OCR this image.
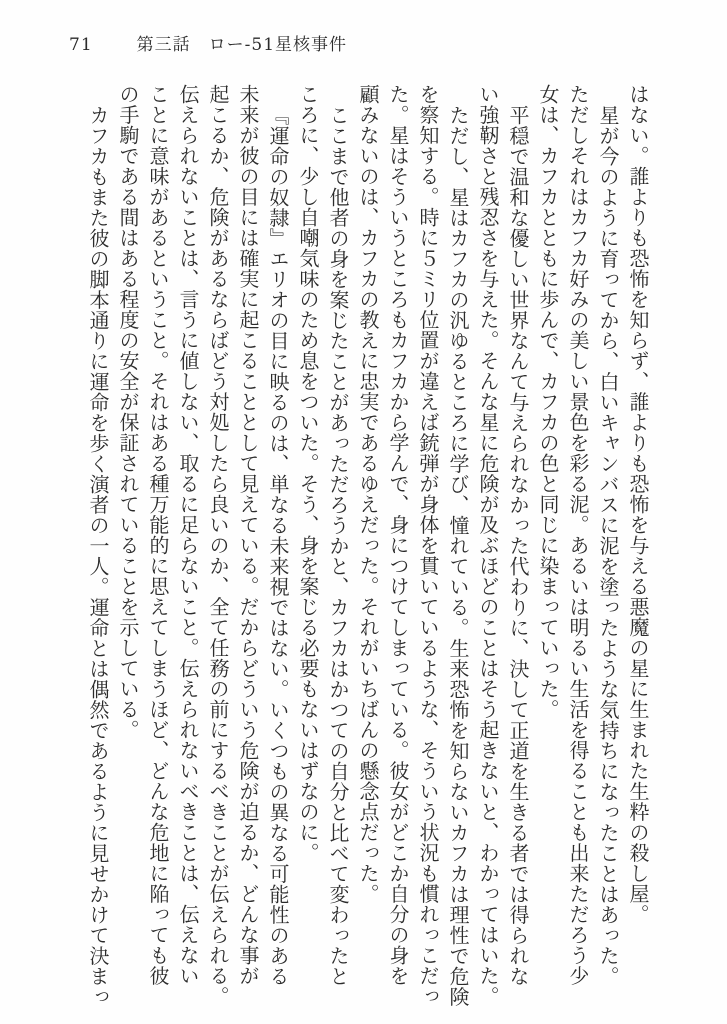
71	第三話　ロー-51星核事件
はない。誰よりも恐怖を知らず、誰よりも恐怖を与える悪魔の星に生まれた生粋の殺し屋。
星が今のように育ってから、白いキャンバスに泥を塗ったような気持ちになったことはあった。
ただしそれはカフカ好みの美しい景色を彩る泥。あるいは明るい生活を得ることも出来ただろう少
女は、カフカとともに歩んで、カフカの色と同じに染まっていった。
平穏で温和な優しい世界なんて与えられなかった代わりに、決して正道を生きる者では得られな
い強靭さと残忍さを与えた。そんな星に危険が及ぶほどのことはそう起きないと、わかってはいた。
ただし、星はカフカの汎ゆるところに学び、憧れている。生来恐怖を知らないカフカは理性で危険
を察知する。時に５ミリ位置が違えば銃弾が身体を貫いているような、そういう状況も慣れっこだっ
た。星はそういうところもカフカから学んで、身につけてしまっている。彼女がどこか自分の身を
顧みないのは、カフカの教えに忠実であるゆえだった。それがいちばんの懸念点だった。
ここまで他者の身を案じたことがあっただろうかと、カフカはかつての自分と比べて変わったと
ころに、少し自嘲気味のため息をついた。そう、身を案じる必要もないはずなのに。
『運命の奴隷』エリオの目に映るのは、単なる未来視ではない。いくつもの異なる可能性のある
未来が彼の目には確実に起こることとして見えている。だからどういう危険が迫るか、どんな事が
起こるか、危険があるならばどう対処したら良いのか、全て任務の前にするべきことが伝えられる。
伝えられないことは、言うに値しない、取るに足らないこと。伝えられないべきことは、伝えない
ことに意味があるということ。それはある種万能的に思えてしまうほど、どんな危地に陥っても彼
の手駒である間はある程度の安全が保証されていることを示している。
カフカもまた彼の脚本通りに運命を歩く演者の一人。運命とは偶然であるように見せかけて決まっ
